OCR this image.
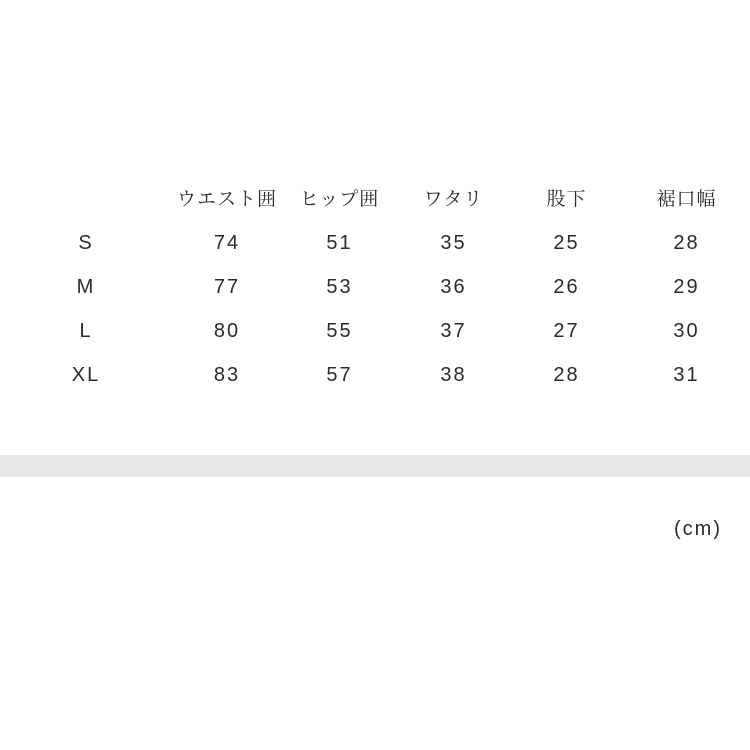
	ウエスト囲	ヒップ囲	ワタリ	股下	裾口幅
S	74	51	35	25	28
M	77	53	36	26	29
L	80	55	37	27	30
XL	83	57	38	28	31
(cm)
